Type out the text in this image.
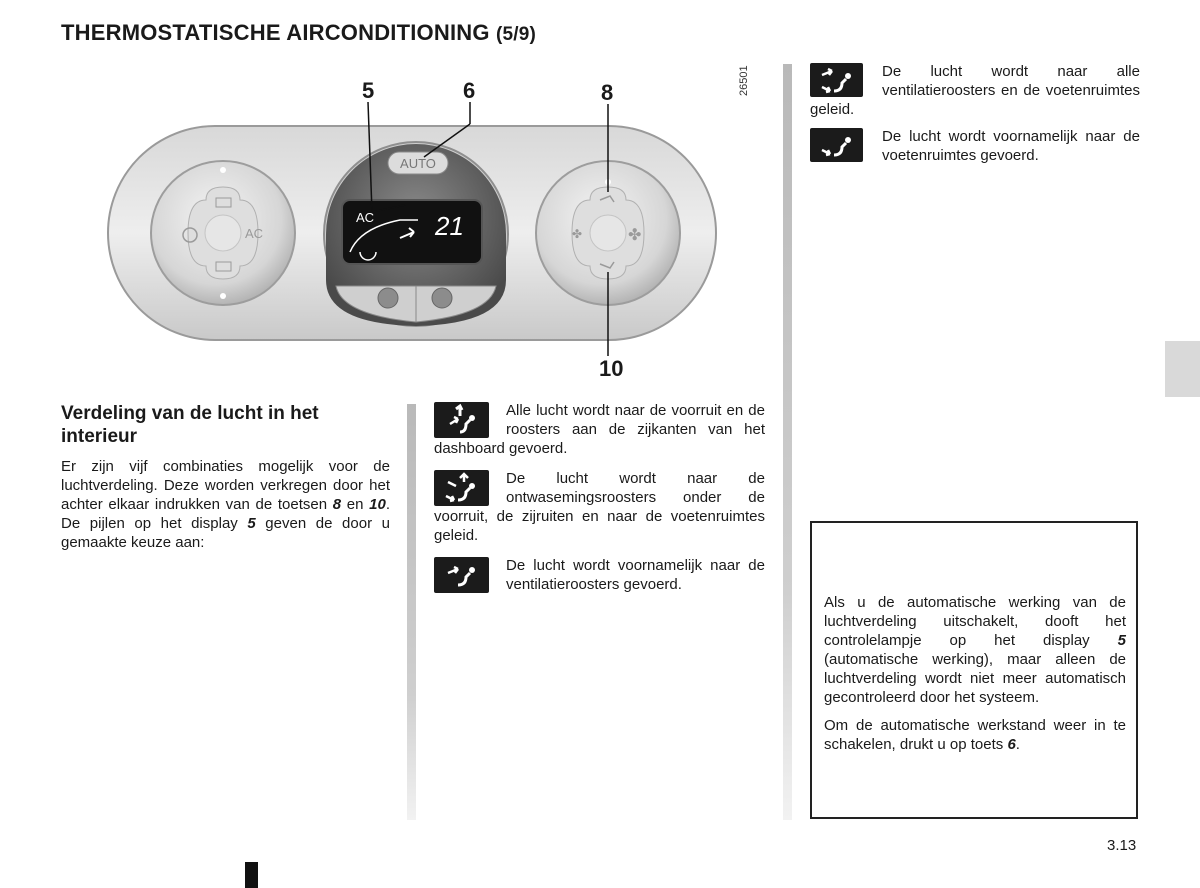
THERMOSTATISCHE AIRCONDITIONING (5/9)
AC
AUTO
AC 21	✤	✤
5	6	8
10
26501
Verdeling van de lucht in het interieur
Er zijn vijf combinaties mogelijk voor de luchtverdeling. Deze worden verkregen door het achter elkaar indrukken van de toetsen 8 en 10. De pijlen op het display 5 geven de door u gemaakte keuze aan:
Alle lucht wordt naar de voorruit en de roosters aan de zijkanten van het dashboard gevoerd.
De lucht wordt naar de ontwasemingsroosters onder de voorruit, de zijruiten en naar de voetenruimtes geleid.
De lucht wordt voornamelijk naar de ventilatieroosters gevoerd.
De lucht wordt naar alle ventilatieroosters en de voetenruimtes geleid.
De lucht wordt voornamelijk naar de voetenruimtes gevoerd.
Als u de automatische werking van de luchtverdeling uitschakelt, dooft het controlelampje op het display 5 (automatische werking), maar alleen de luchtverdeling wordt niet meer automatisch gecontroleerd door het systeem.
Om de automatische werkstand weer in te schakelen, drukt u op toets 6.
3.13
